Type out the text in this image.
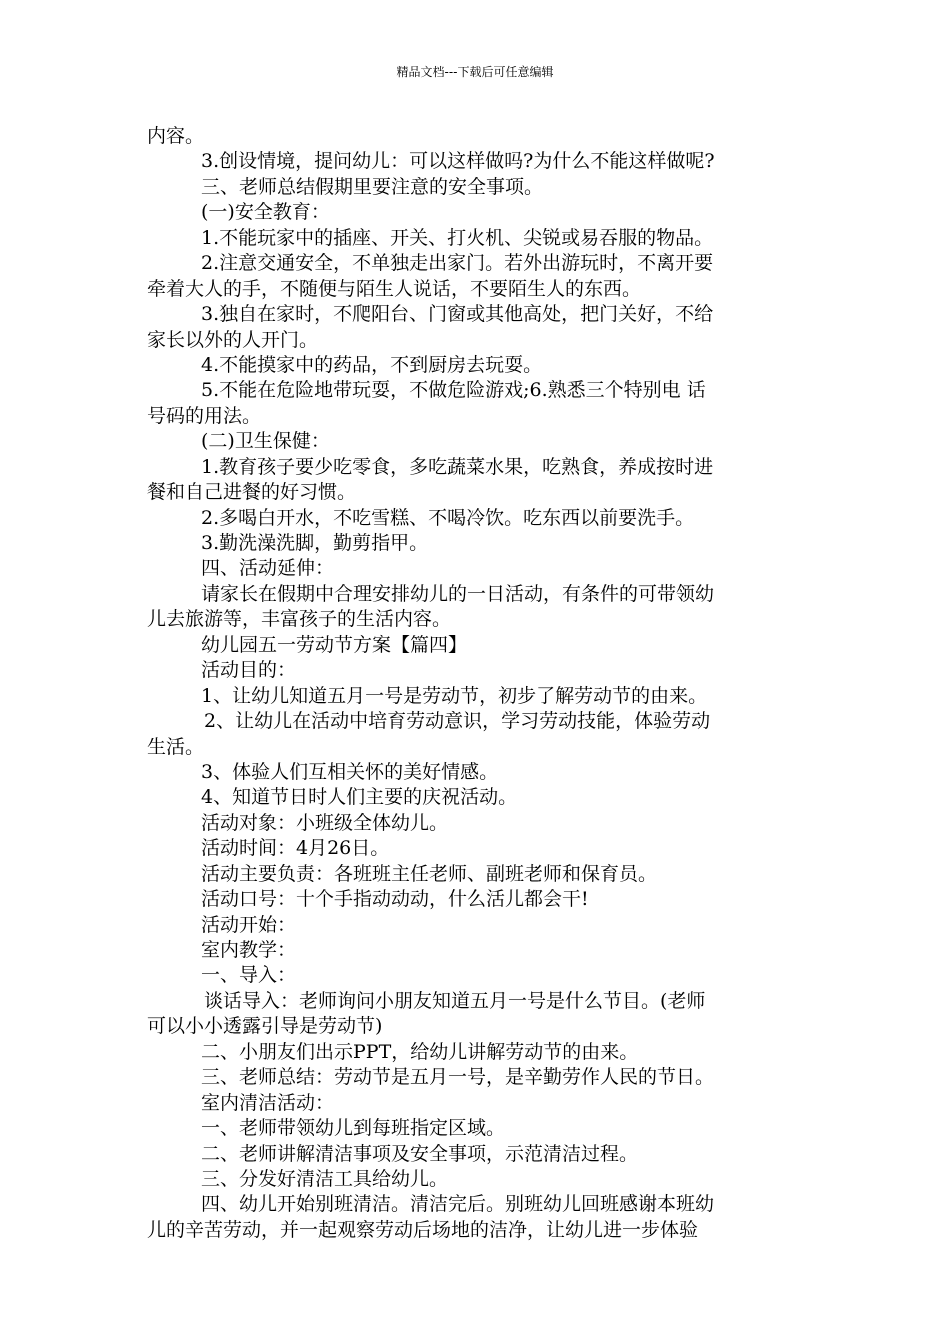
精品文档---下载后可任意编辑
内容。
3.创设情境，提问幼儿：可以这样做吗?为什么不能这样做呢?
三、老师总结假期里要注意的安全事项。
(一)安全教育：
1.不能玩家中的插座、开关、打火机、尖锐或易吞服的物品。
2.注意交通安全，不单独走出家门。若外出游玩时，不离开要
牵着大人的手，不随便与陌生人说话，不要陌生人的东西。
3.独自在家时，不爬阳台、门窗或其他高处，把门关好，不给
家长以外的人开门。
4.不能摸家中的药品，不到厨房去玩耍。
5.不能在危险地带玩耍，不做危险游戏;6.熟悉三个特别电 话
号码的用法。
(二)卫生保健：
1.教育孩子要少吃零食，多吃蔬菜水果，吃熟食，养成按时进
餐和自己进餐的好习惯。
2.多喝白开水，不吃雪糕、不喝冷饮。吃东西以前要洗手。
3.勤洗澡洗脚，勤剪指甲。
四、活动延伸：
请家长在假期中合理安排幼儿的一日活动，有条件的可带领幼
儿去旅游等，丰富孩子的生活内容。
幼儿园五一劳动节方案【篇四】
活动目的：
1、让幼儿知道五月一号是劳动节，初步了解劳动节的由来。
2、让幼儿在活动中培育劳动意识，学习劳动技能，体验劳动
生活。
3、体验人们互相关怀的美好情感。
4、知道节日时人们主要的庆祝活动。
活动对象：小班级全体幼儿。
活动时间：4月26日。
活动主要负责：各班班主任老师、副班老师和保育员。
活动口号：十个手指动动动，什么活儿都会干!
活动开始：
室内教学：
一、导入：
谈话导入：老师询问小朋友知道五月一号是什么节目。(老师
可以小小透露引导是劳动节)
二、小朋友们出示PPT，给幼儿讲解劳动节的由来。
三、老师总结：劳动节是五月一号，是辛勤劳作人民的节日。
室内清洁活动：
一、老师带领幼儿到每班指定区域。
二、老师讲解清洁事项及安全事项，示范清洁过程。
三、分发好清洁工具给幼儿。
四、幼儿开始别班清洁。清洁完后。别班幼儿回班感谢本班幼
儿的辛苦劳动，并一起观察劳动后场地的洁净，让幼儿进一步体验
